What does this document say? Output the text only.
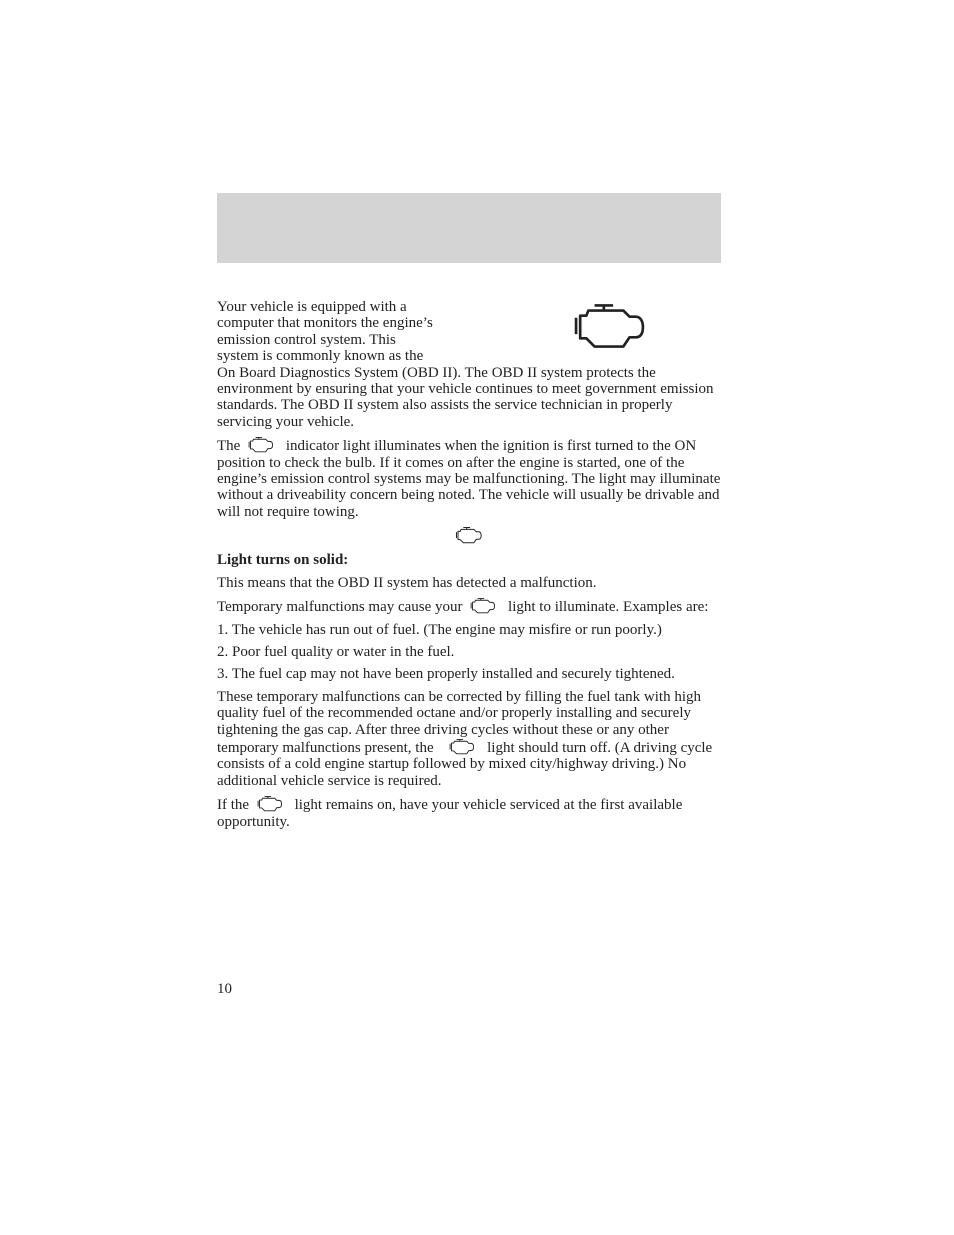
Your vehicle is equipped with a
computer that monitors the engine’s
emission control system. This
system is commonly known as the

On Board Diagnostics System (OBD II). The OBD II system protects the environment by ensuring that your vehicle continues to meet government emission standards. The OBD II system also assists the service technician in properly servicing your vehicle.

The	indicator light illuminates when the ignition is first turned to the ON position to check the bulb. If it comes on after the engine is started, one of the engine’s emission control systems may be malfunctioning. The light may illuminate without a driveability concern being noted. The vehicle will usually be drivable and will not require towing.

Light turns on solid:

This means that the OBD II system has detected a malfunction.

Temporary malfunctions may cause your	light to illuminate. Examples are:

1. The vehicle has run out of fuel. (The engine may misfire or run poorly.)

2. Poor fuel quality or water in the fuel.

3. The fuel cap may not have been properly installed and securely tightened.

These temporary malfunctions can be corrected by filling the fuel tank with high quality fuel of the recommended octane and/or properly installing and securely tightening the gas cap. After three driving cycles without these or any other temporary malfunctions present, the	light should turn off. (A driving cycle consists of a cold engine startup followed by mixed city/highway driving.) No additional vehicle service is required.

If the	light remains on, have your vehicle serviced at the first available opportunity.

10
